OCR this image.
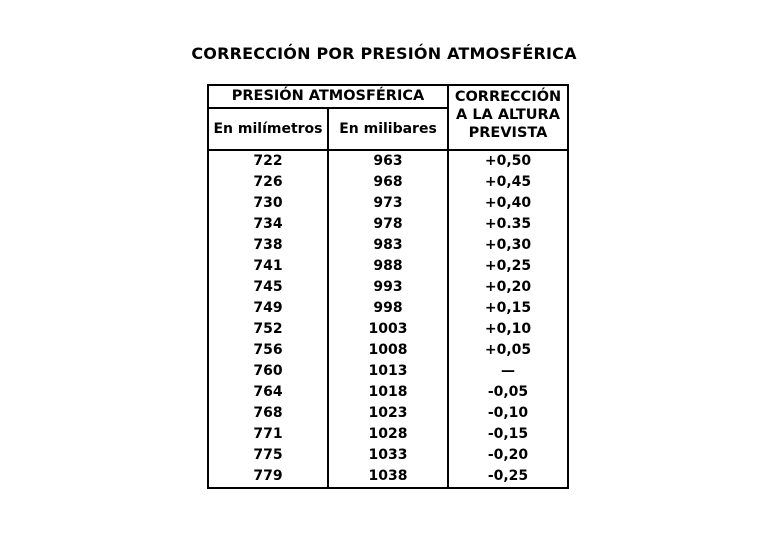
CORRECCIÓN POR PRESIÓN ATMOSFÉRICA
PRESIÓN ATMOSFÉRICA		CORRECCIÓN
A LA ALTURA
PREVISTA

En milímetros	En milibares	
722	963	+0,50
726	968	+0,45
730	973	+0,40
734	978	+0.35
738	983	+0,30
741	988	+0,25
745	993	+0,20
749	998	+0,15
752	1003	+0,10
756	1008	+0,05
760	1013	—
764	1018	-0,05
768	1023	-0,10
771	1028	-0,15
775	1033	-0,20
779	1038	-0,25
